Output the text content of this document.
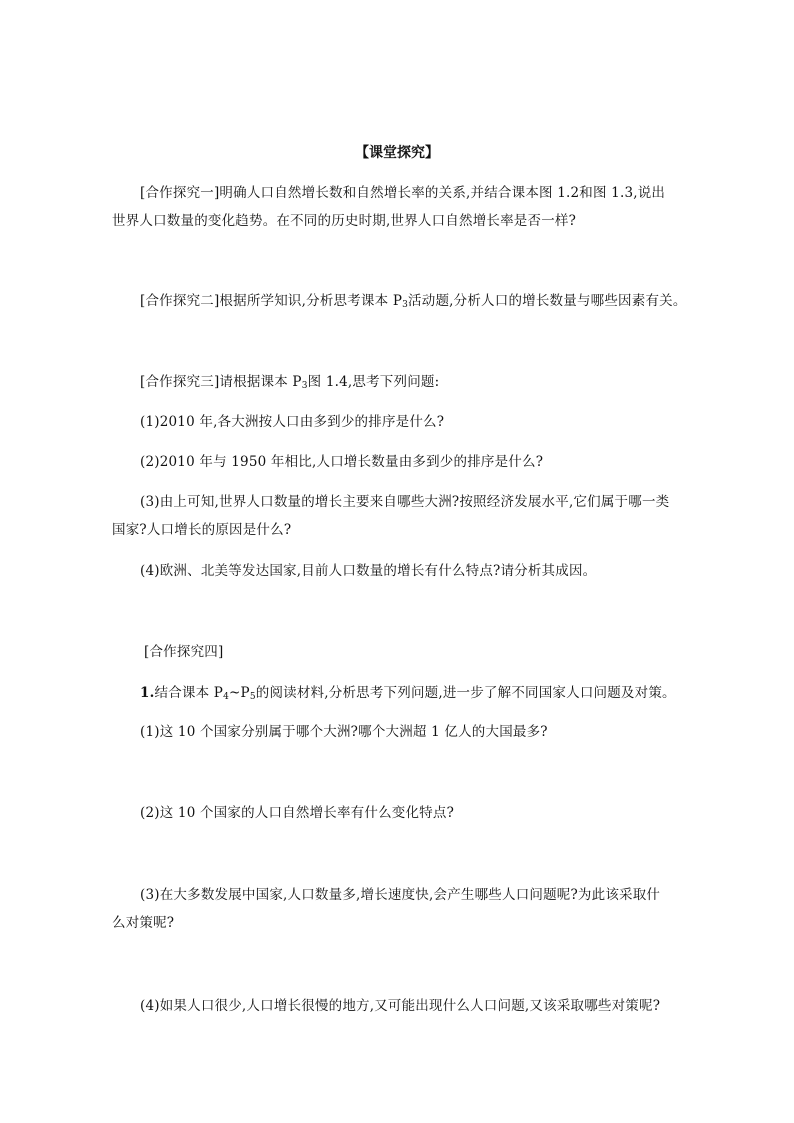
【课堂探究】
[合作探究一]明确人口自然增长数和自然增长率的关系,并结合课本图 1.2和图 1.3,说出
世界人口数量的变化趋势。在不同的历史时期,世界人口自然增长率是否一样?
[合作探究二]根据所学知识,分析思考课本 $P_3$活动题,分析人口的增长数量与哪些因素有关。
[合作探究三]请根据课本 $P_3$图 1.4,思考下列问题:
(1)2010 年,各大洲按人口由多到少的排序是什么?
(2)2010 年与 1950 年相比,人口增长数量由多到少的排序是什么?
(3)由上可知,世界人口数量的增长主要来自哪些大洲?按照经济发展水平,它们属于哪一类
国家?人口增长的原因是什么?
(4)欧洲、北美等发达国家,目前人口数量的增长有什么特点?请分析其成因。
[合作探究四]
1.结合课本 $P_4\sim P_5$的阅读材料,分析思考下列问题,进一步了解不同国家人口问题及对策。
(1)这 10 个国家分别属于哪个大洲?哪个大洲超 1 亿人的大国最多?
(2)这 10 个国家的人口自然增长率有什么变化特点?
(3)在大多数发展中国家,人口数量多,增长速度快,会产生哪些人口问题呢?为此该采取什
么对策呢?
(4)如果人口很少,人口增长很慢的地方,又可能出现什么人口问题,又该采取哪些对策呢?
